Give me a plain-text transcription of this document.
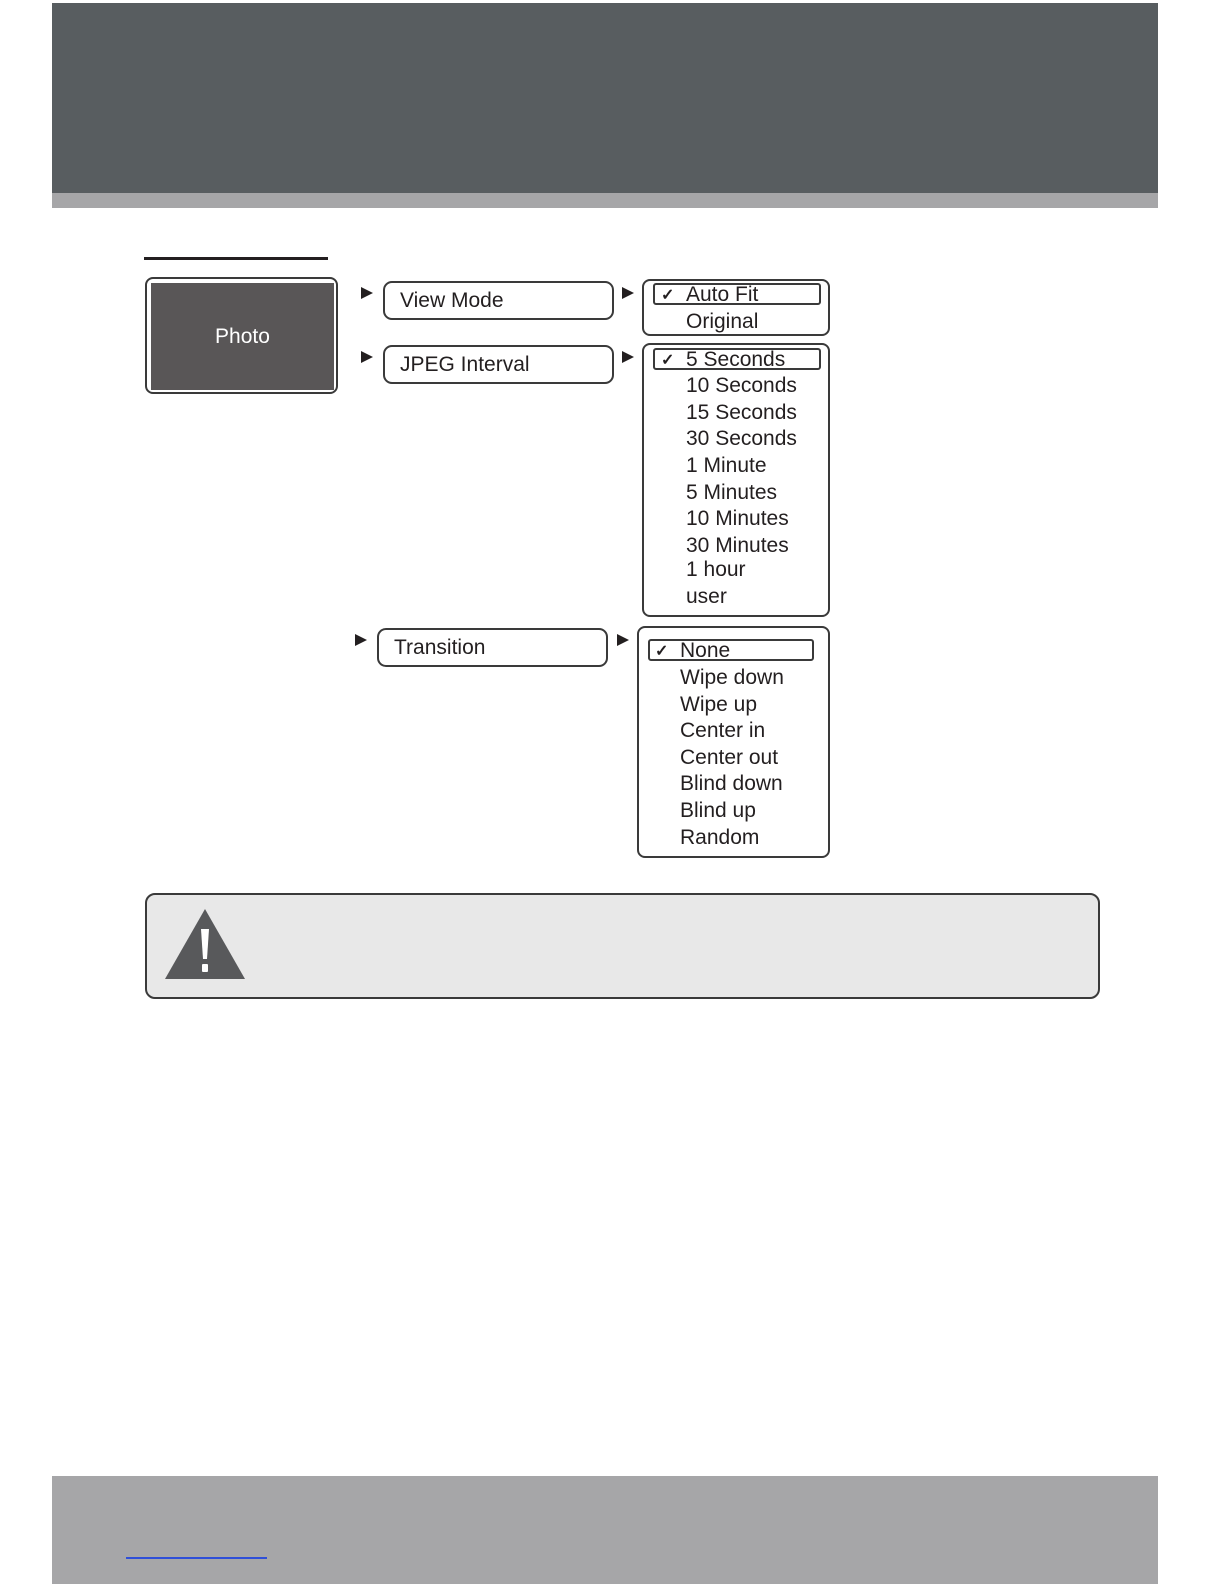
Photo
View Mode
JPEG Interval
Transition
✓ Auto Fit
Original
✓ 5 Seconds
10 Seconds
15 Seconds
30 Seconds
1 Minute
5 Minutes
10 Minutes
30 Minutes
1 hour
user
✓ None
Wipe down
Wipe up
Center in
Center out
Blind down
Blind up
Random
